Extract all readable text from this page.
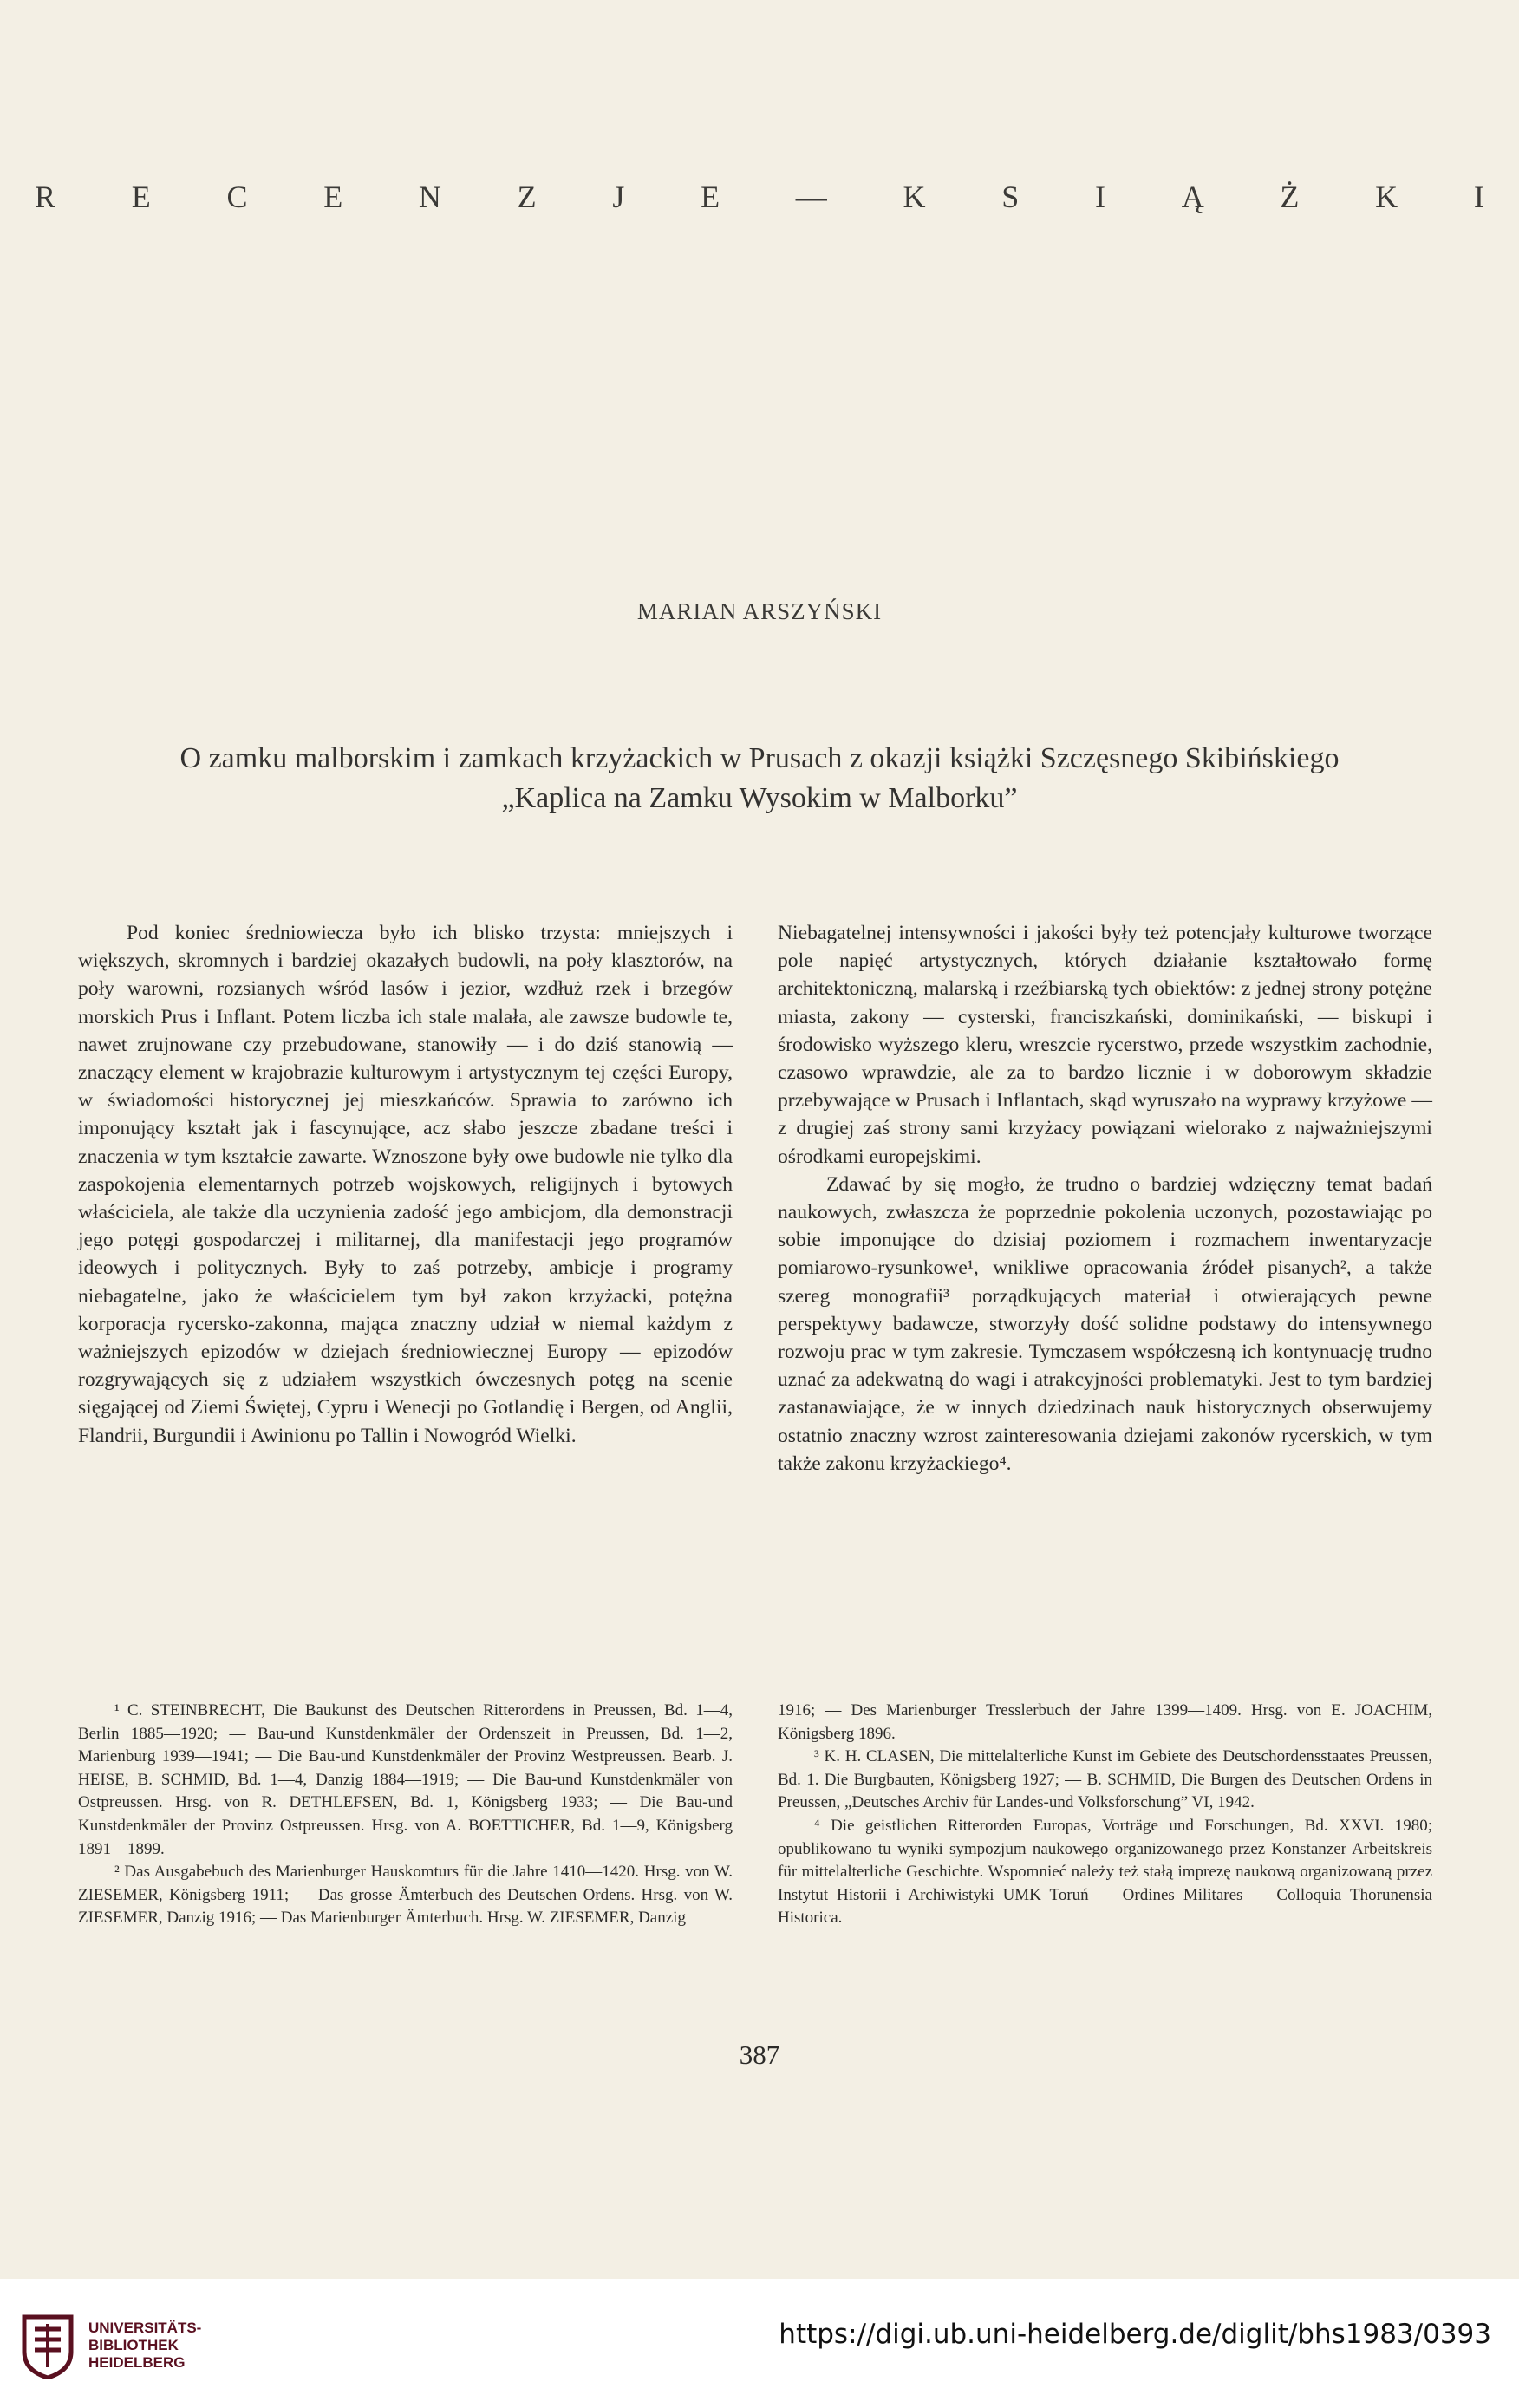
R E C E N Z J E — K S I Ą Ż K I
MARIAN ARSZYŃSKI
O zamku malborskim i zamkach krzyżackich w Prusach z okazji książki Szczęsnego Skibińskiego
„Kaplica na Zamku Wysokim w Malborku”

Pod koniec średniowiecza było ich blisko trzysta: mniejszych i większych, skromnych i bardziej okazałych budowli, na poły klasztorów, na poły warowni, rozsianych wśród lasów i jezior, wzdłuż rzek i brzegów morskich Prus i Inflant. Potem liczba ich stale malała, ale zawsze budowle te, nawet zrujnowane czy przebudowane, stanowiły — i do dziś stanowią — znaczący element w krajobrazie kulturowym i artystycznym tej części Europy, w świadomości historycznej jej mieszkańców. Sprawia to zarówno ich imponujący kształt jak i fascynujące, acz słabo jeszcze zbadane treści i znaczenia w tym kształcie zawarte. Wznoszone były owe budowle nie tylko dla zaspokojenia elementarnych potrzeb wojskowych, religijnych i bytowych właściciela, ale także dla uczynienia zadość jego ambicjom, dla demonstracji jego potęgi gospodarczej i militarnej, dla manifestacji jego programów ideowych i politycznych. Były to zaś potrzeby, ambicje i programy niebagatelne, jako że właścicielem tym był zakon krzyżacki, potężna korporacja rycersko-zakonna, mająca znaczny udział w niemal każdym z ważniejszych epizodów w dziejach średniowiecznej Europy — epizodów rozgrywających się z udziałem wszystkich ówczesnych potęg na scenie sięgającej od Ziemi Świętej, Cypru i Wenecji po Gotlandię i Bergen, od Anglii, Flandrii, Burgundii i Awinionu po Tallin i Nowogród Wielki.

Niebagatelnej intensywności i jakości były też potencjały kulturowe tworzące pole napięć artystycznych, których działanie kształtowało formę architektoniczną, malarską i rzeźbiarską tych obiektów: z jednej strony potężne miasta, zakony — cysterski, franciszkański, dominikański, — biskupi i środowisko wyższego kleru, wreszcie rycerstwo, przede wszystkim zachodnie, czasowo wprawdzie, ale za to bardzo licznie i w doborowym składzie przebywające w Prusach i Inflantach, skąd wyruszało na wyprawy krzyżowe — z drugiej zaś strony sami krzyżacy powiązani wielorako z najważniejszymi ośrodkami europejskimi.

Zdawać by się mogło, że trudno o bardziej wdzięczny temat badań naukowych, zwłaszcza że poprzednie pokolenia uczonych, pozostawiając po sobie imponujące do dzisiaj poziomem i rozmachem inwentaryzacje pomiarowo-rysunkowe¹, wnikliwe opracowania źródeł pisanych², a także szereg monografii³ porządkujących materiał i otwierających pewne perspektywy badawcze, stworzyły dość solidne podstawy do intensywnego rozwoju prac w tym zakresie. Tymczasem współczesną ich kontynuację trudno uznać za adekwatną do wagi i atrakcyjności problematyki. Jest to tym bardziej zastanawiające, że w innych dziedzinach nauk historycznych obserwujemy ostatnio znaczny wzrost zainteresowania dziejami zakonów rycerskich, w tym także zakonu krzyżackiego⁴.

¹ C. STEINBRECHT, Die Baukunst des Deutschen Ritterordens in Preussen, Bd. 1—4, Berlin 1885—1920; — Bau-und Kunstdenkmäler der Ordenszeit in Preussen, Bd. 1—2, Marienburg 1939—1941; — Die Bau-und Kunstdenkmäler der Provinz Westpreussen. Bearb. J. HEISE, B. SCHMID, Bd. 1—4, Danzig 1884—1919; — Die Bau-und Kunstdenkmäler von Ostpreussen. Hrsg. von R. DETHLEFSEN, Bd. 1, Königsberg 1933; — Die Bau-und Kunstdenkmäler der Provinz Ostpreussen. Hrsg. von A. BOETTICHER, Bd. 1—9, Königsberg 1891—1899.

² Das Ausgabebuch des Marienburger Hauskomturs für die Jahre 1410—1420. Hrsg. von W. ZIESEMER, Königsberg 1911; — Das grosse Ämterbuch des Deutschen Ordens. Hrsg. von W. ZIESEMER, Danzig 1916; — Das Marienburger Ämterbuch. Hrsg. W. ZIESEMER, Danzig

1916; — Des Marienburger Tresslerbuch der Jahre 1399—1409. Hrsg. von E. JOACHIM, Königsberg 1896.

³ K. H. CLASEN, Die mittelalterliche Kunst im Gebiete des Deutschordensstaates Preussen, Bd. 1. Die Burgbauten, Königsberg 1927; — B. SCHMID, Die Burgen des Deutschen Ordens in Preussen, „Deutsches Archiv für Landes-und Volksforschung” VI, 1942.

⁴ Die geistlichen Ritterorden Europas, Vorträge und Forschungen, Bd. XXVI. 1980; opublikowano tu wyniki sympozjum naukowego organizowanego przez Konstanzer Arbeitskreis für mittelalterliche Geschichte. Wspomnieć należy też stałą imprezę naukową organizowaną przez Instytut Historii i Archiwistyki UMK Toruń — Ordines Militares — Colloquia Thorunensia Historica.

387
UNIVERSITÄTS-
BIBLIOTHEK
HEIDELBERG
https://digi.ub.uni-heidelberg.de/diglit/bhs1983/0393
